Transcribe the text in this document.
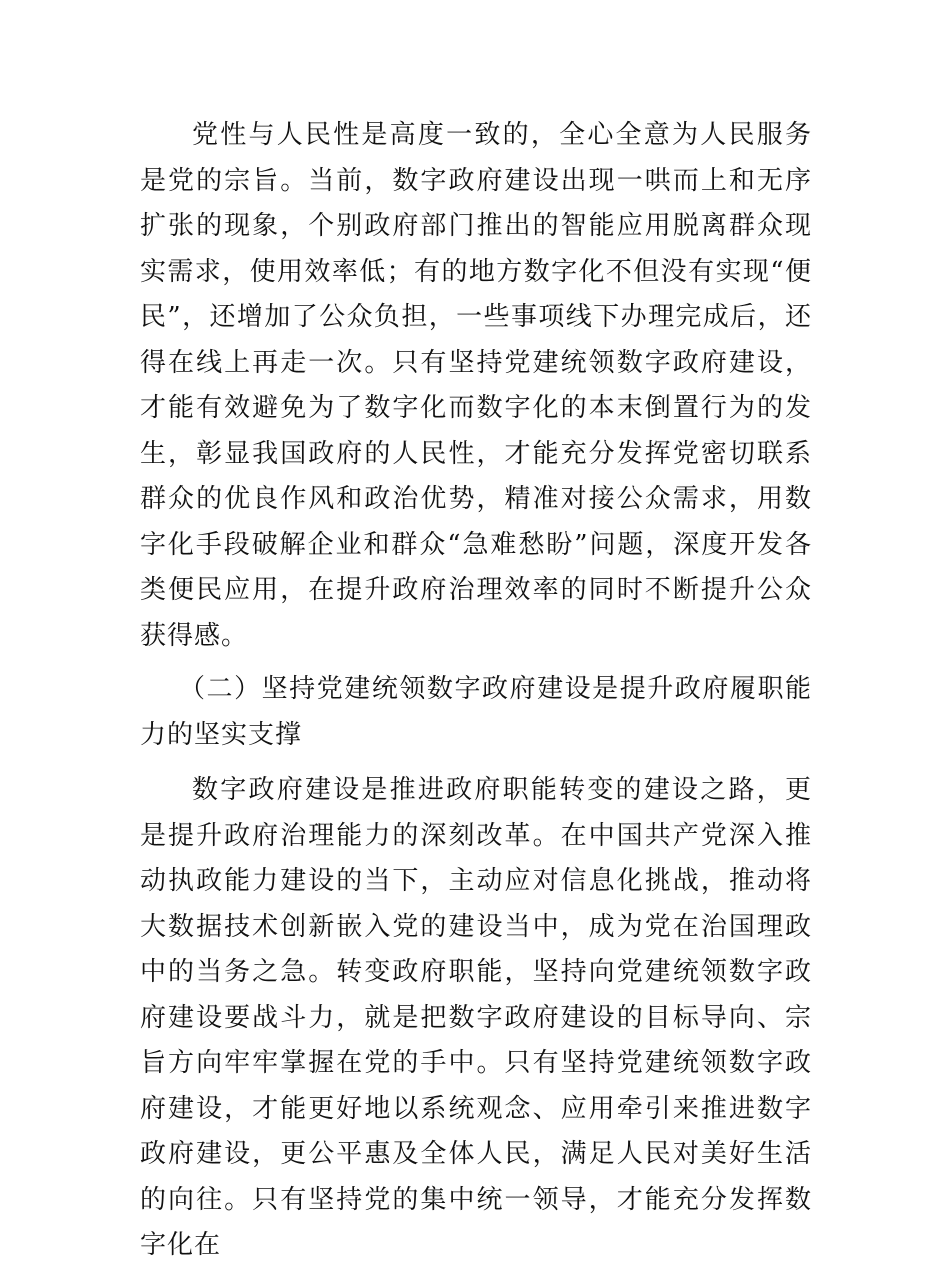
党性与人民性是高度一致的，全心全意为人民服务是党的宗旨。当前，数字政府建设出现一哄而上和无序扩张的现象，个别政府部门推出的智能应用脱离群众现实需求，使用效率低；有的地方数字化不但没有实现“便民”，还增加了公众负担，一些事项线下办理完成后，还得在线上再走一次。只有坚持党建统领数字政府建设，才能有效避免为了数字化而数字化的本末倒置行为的发生，彰显我国政府的人民性，才能充分发挥党密切联系群众的优良作风和政治优势，精准对接公众需求，用数字化手段破解企业和群众“急难愁盼”问题，深度开发各类便民应用，在提升政府治理效率的同时不断提升公众获得感。

（二）坚持党建统领数字政府建设是提升政府履职能力的坚实支撑

数字政府建设是推进政府职能转变的建设之路，更是提升政府治理能力的深刻改革。在中国共产党深入推动执政能力建设的当下，主动应对信息化挑战，推动将大数据技术创新嵌入党的建设当中，成为党在治国理政中的当务之急。转变政府职能，坚持向党建统领数字政府建设要战斗力，就是把数字政府建设的目标导向、宗旨方向牢牢掌握在党的手中。只有坚持党建统领数字政府建设，才能更好地以系统观念、应用牵引来推进数字政府建设，更公平惠及全体人民，满足人民对美好生活的向往。只有坚持党的集中统一领导，才能充分发挥数字化在
